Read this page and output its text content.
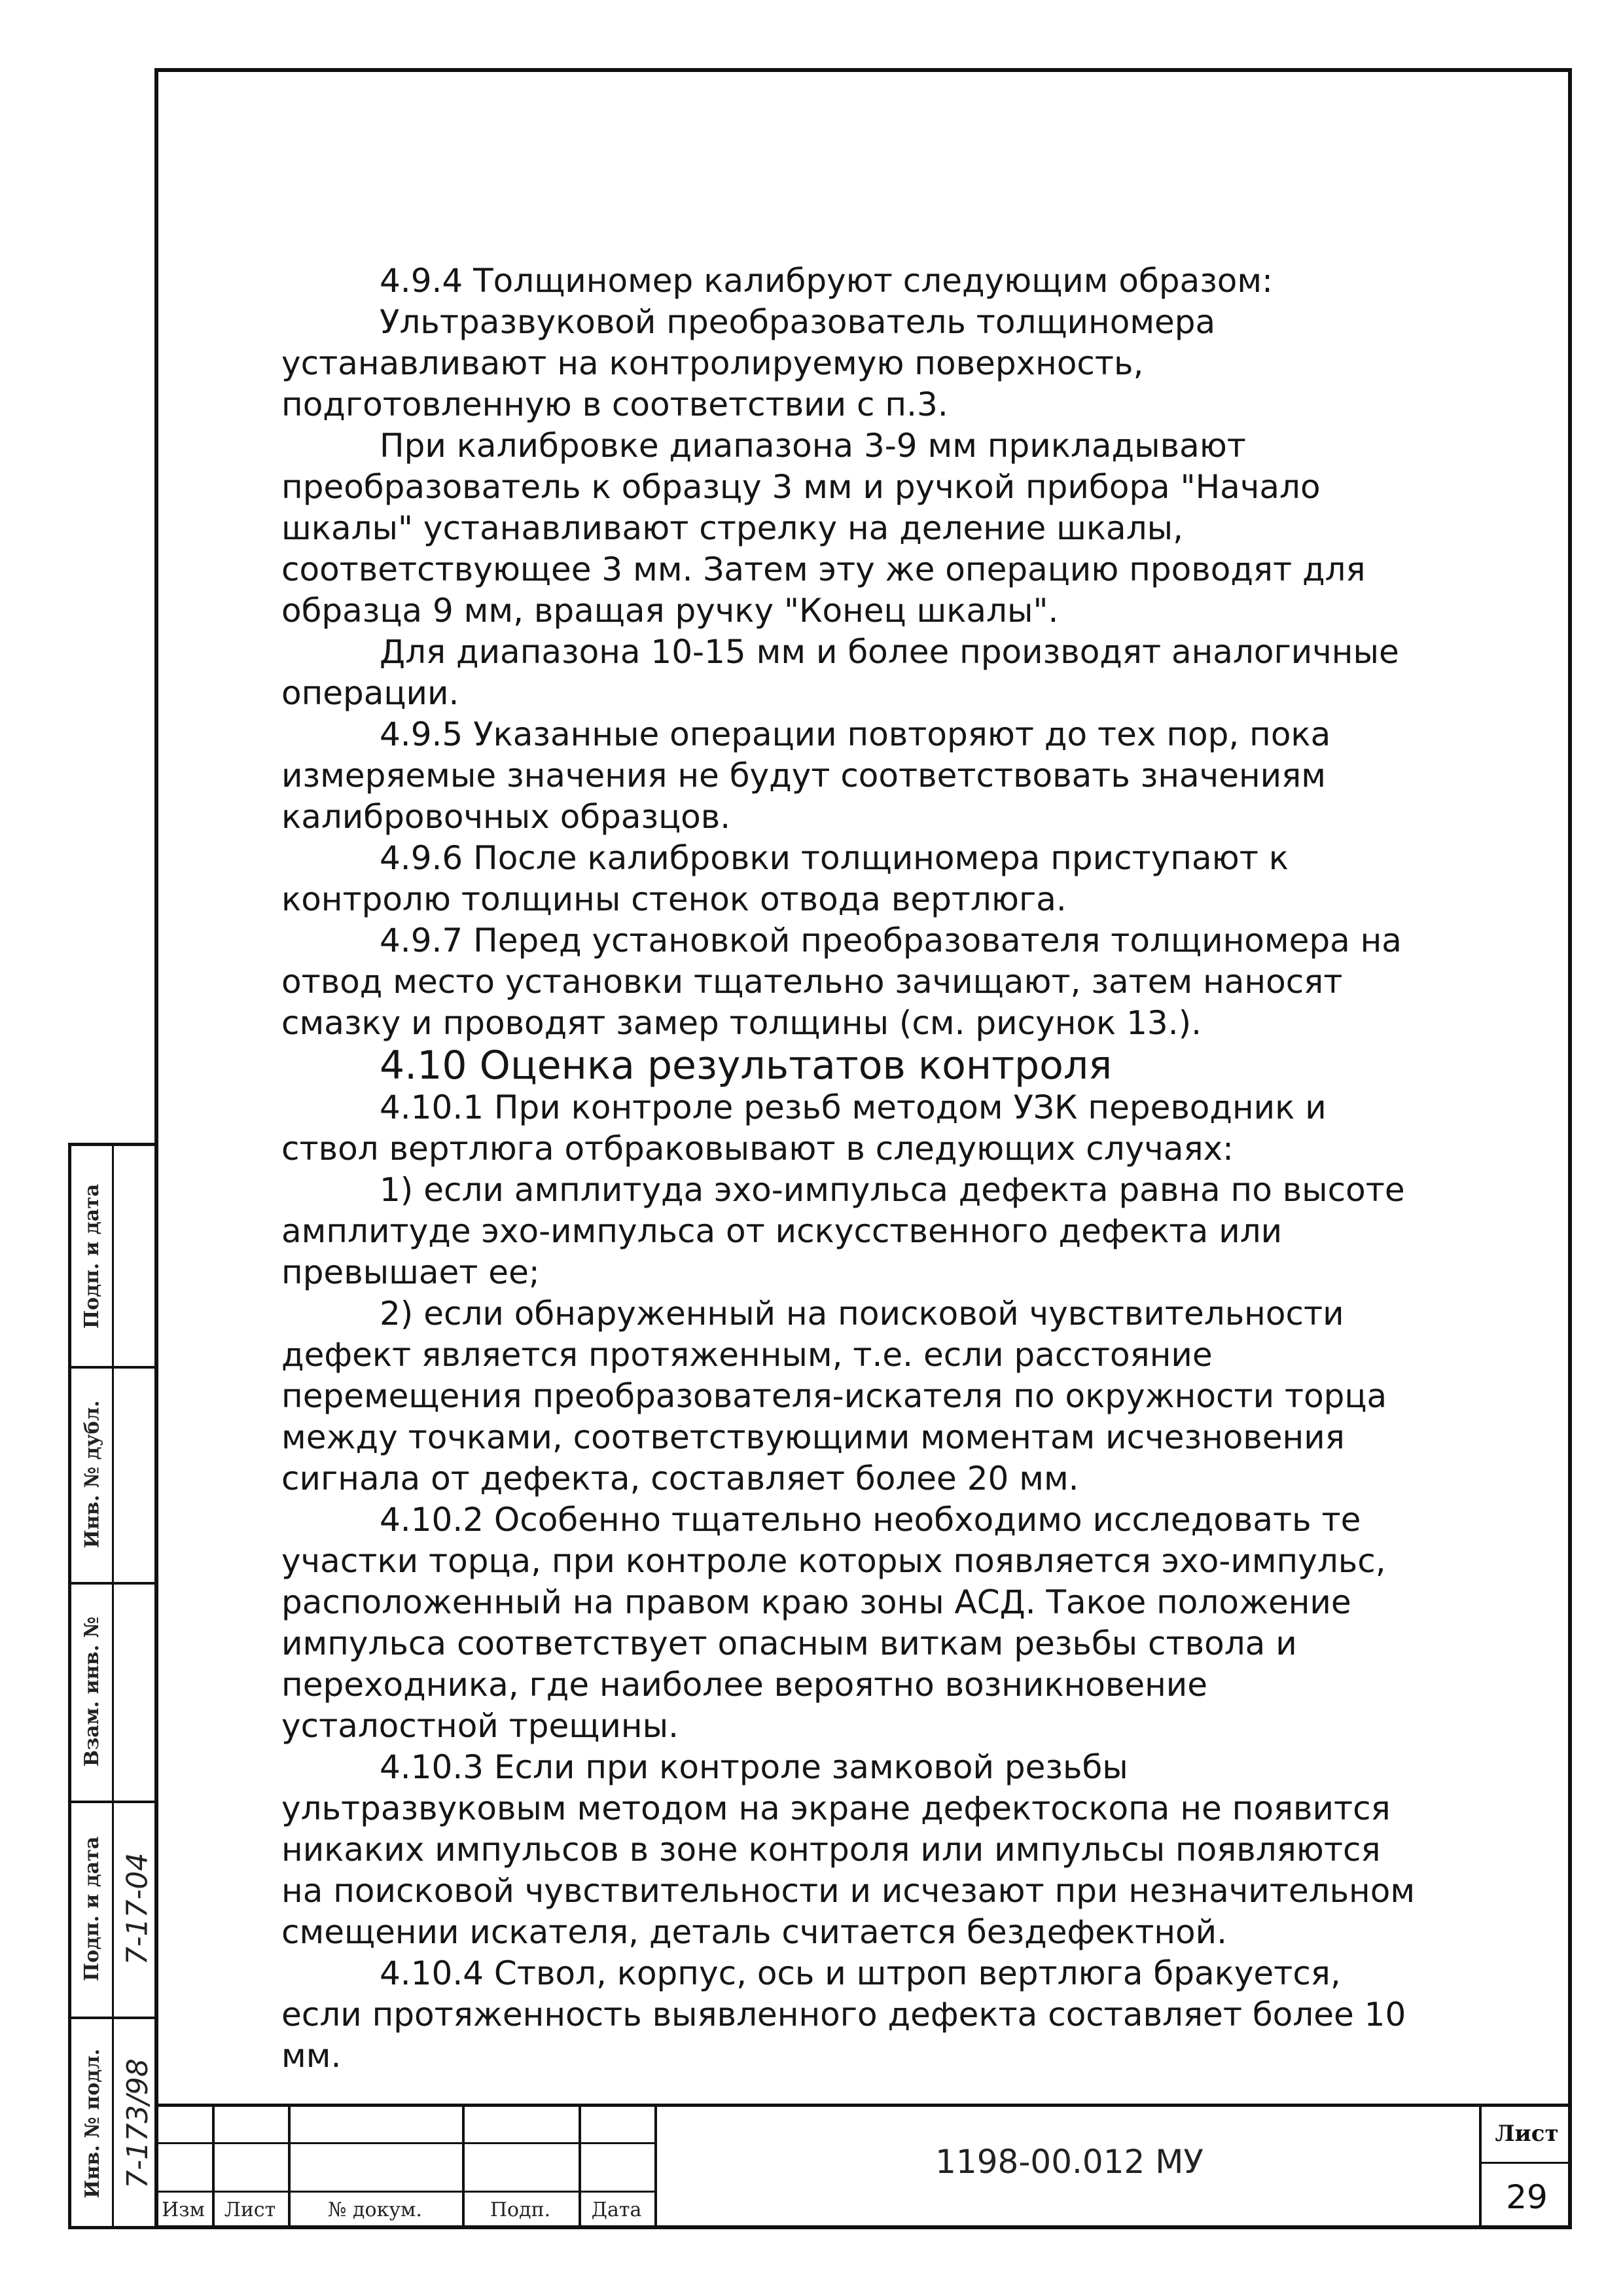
4.9.4 Толщиномер калибруют следующим образом:

Ультразвуковой преобразователь толщиномера устанавливают на контролируемую поверхность, подготовленную в соответствии с п.3.

При калибровке диапазона 3-9 мм прикладывают преобразователь к образцу 3 мм и ручкой прибора "Начало шкалы" устанавливают стрелку на деление шкалы, соответствующее 3 мм. Затем эту же операцию проводят для образца 9 мм, вращая ручку "Конец шкалы".

Для диапазона 10-15 мм и более производят аналогичные операции.

4.9.5 Указанные операции повторяют до тех пор, пока измеряемые значения не будут соответствовать значениям калибровочных образцов.

4.9.6 После калибровки толщиномера приступают к контролю толщины стенок отвода вертлюга.

4.9.7 Перед установкой преобразователя толщиномера на отвод место установки тщательно зачищают, затем наносят смазку и проводят замер толщины (см. рисунок 13.).

4.10 Оценка результатов контроля

4.10.1 При контроле резьб методом УЗК переводник и ствол вертлюга отбраковывают в следующих случаях:

1) если амплитуда эхо-импульса дефекта равна по высоте амплитуде эхо-импульса от искусственного дефекта или превышает ее;

2) если обнаруженный на поисковой чувствительности дефект является протяженным, т.е. если расстояние перемещения преобразователя-искателя по окружности торца между точками, соответствующими моментам исчезновения сигнала от дефекта, составляет более 20 мм.

4.10.2 Особенно тщательно необходимо исследовать те участки торца, при контроле которых появляется эхо-импульс, расположенный на правом краю зоны АСД. Такое положение импульса соответствует опасным виткам резьбы ствола и переходника, где наиболее вероятно возникновение усталостной трещины.

4.10.3 Если при контроле замковой резьбы ультразвуковым методом на экране дефектоскопа не появится никаких импульсов в зоне контроля или импульсы появляются на поисковой чувствительности и исчезают при незначительном смещении искателя, деталь считается бездефектной.

4.10.4 Ствол, корпус, ось и штроп вертлюга бракуется, если протяженность выявленного дефекта составляет более 10 мм.

Подп. и дата
Инв. № дубл.
Взам. инв. №
Подп. и дата
Инв. № подл.
7-17-04
7-173/98
Изм Лист	№ докум.	Подп.	Дата
1198-00.012 МУ
Лист
29
